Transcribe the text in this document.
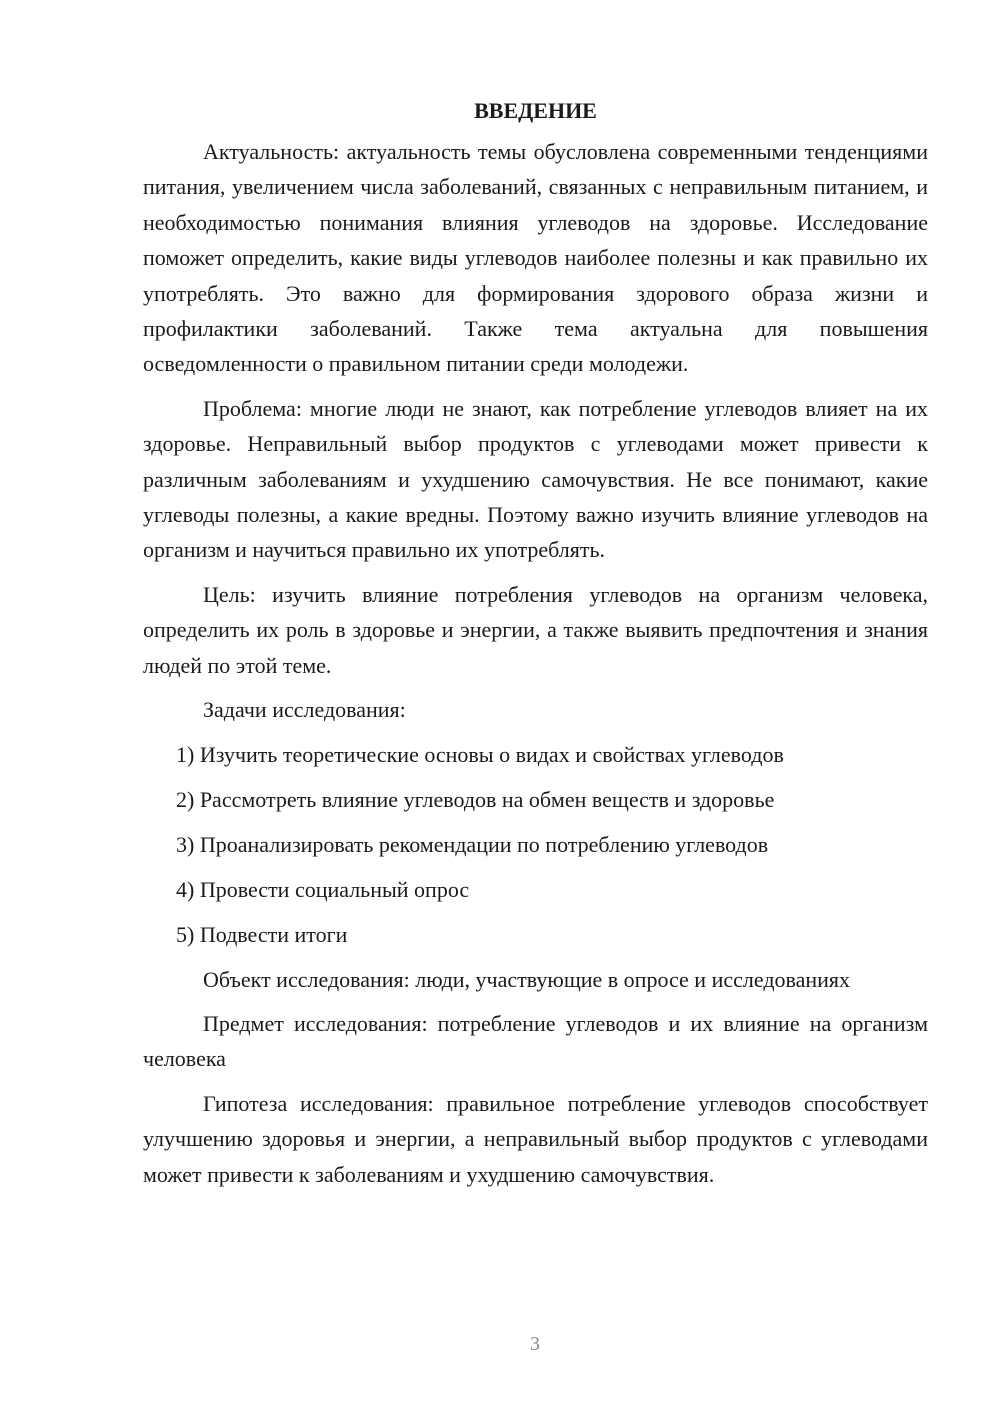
ВВЕДЕНИЕ

Актуальность: актуальность темы обусловлена современными тенденциями питания, увеличением числа заболеваний, связанных с неправильным питанием, и необходимостью понимания влияния углеводов на здоровье. Исследование поможет определить, какие виды углеводов наиболее полезны и как правильно их употреблять. Это важно для формирования здорового образа жизни и профилактики заболеваний. Также тема актуальна для повышения осведомленности о правильном питании среди молодежи.

Проблема: многие люди не знают, как потребление углеводов влияет на их здоровье. Неправильный выбор продуктов с углеводами может привести к различным заболеваниям и ухудшению самочувствия. Не все понимают, какие углеводы полезны, а какие вредны. Поэтому важно изучить влияние углеводов на организм и научиться правильно их употреблять.

Цель: изучить влияние потребления углеводов на организм человека, определить их роль в здоровье и энергии, а также выявить предпочтения и знания людей по этой теме.

Задачи исследования:

1) Изучить теоретические основы о видах и свойствах углеводов
2) Рассмотреть влияние углеводов на обмен веществ и здоровье
3) Проанализировать рекомендации по потреблению углеводов
4) Провести социальный опрос
5) Подвести итоги

Объект исследования: люди, участвующие в опросе и исследованиях

Предмет исследования: потребление углеводов и их влияние на организм человека

Гипотеза исследования: правильное потребление углеводов способствует улучшению здоровья и энергии, а неправильный выбор продуктов с углеводами может привести к заболеваниям и ухудшению самочувствия.

3
